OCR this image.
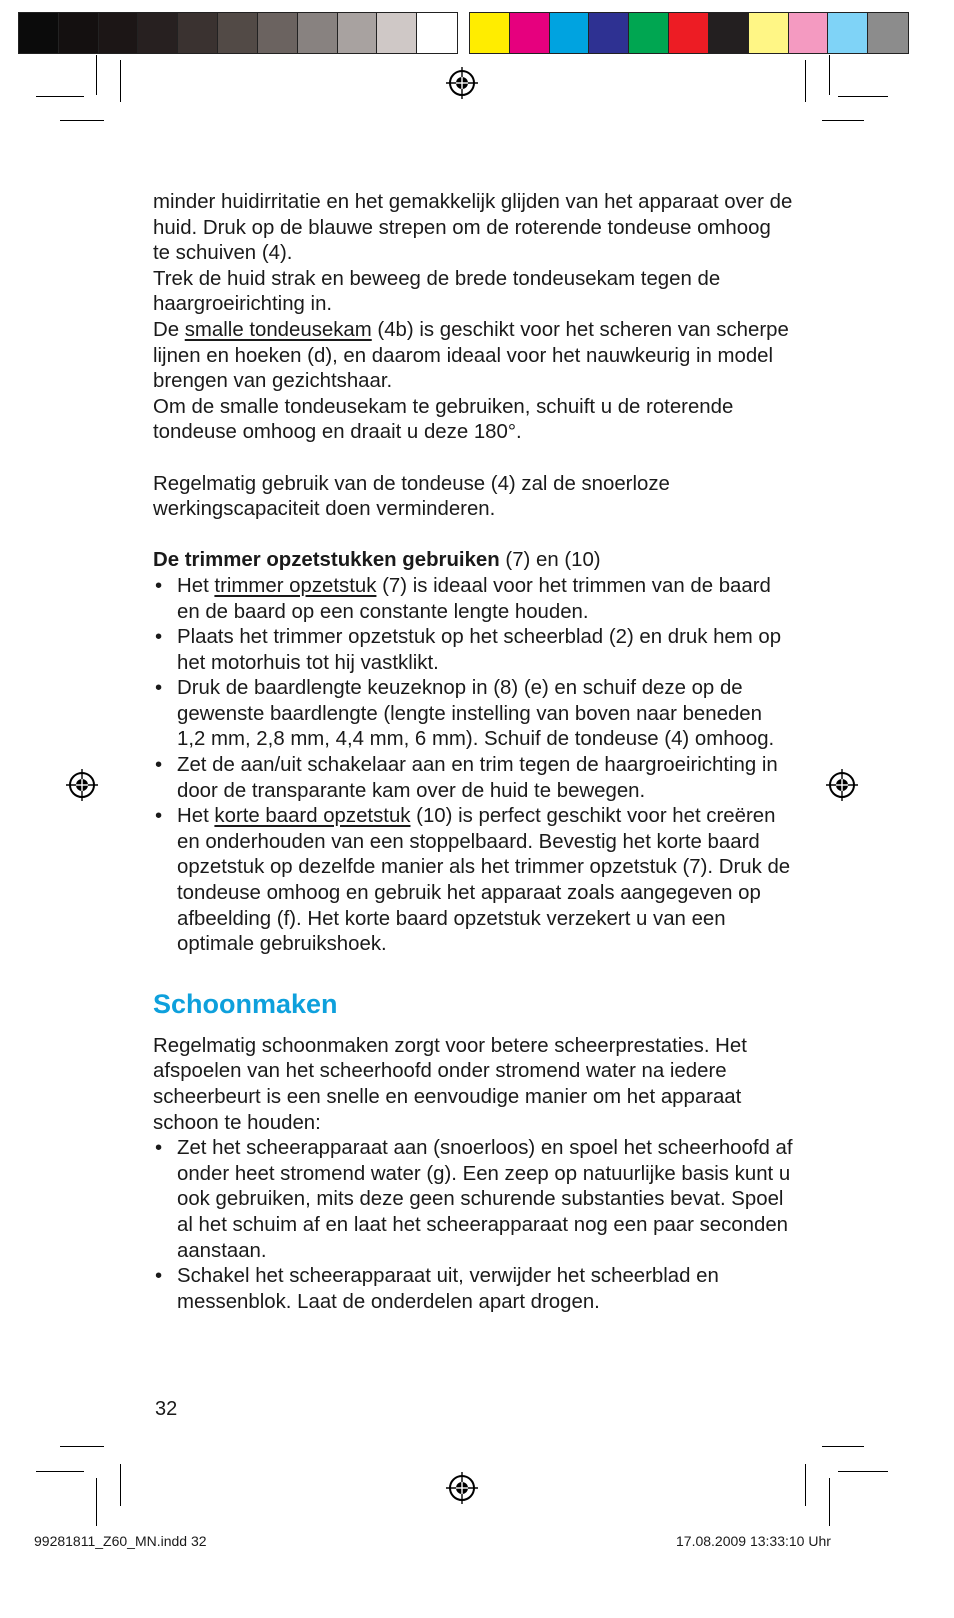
minder huidirritatie en het gemakkelijk glijden van het apparaat over de huid. Druk op de blauwe strepen om de roterende tondeuse omhoog te schuiven (4).

Trek de huid strak en beweeg de brede tondeusekam tegen de haargroeirichting in.

De smalle tondeusekam (4b) is geschikt voor het scheren van scherpe lijnen en hoeken (d), en daarom ideaal voor het nauwkeurig in model brengen van gezichtshaar.

Om de smalle tondeusekam te gebruiken, schuift u de roterende tondeuse omhoog en draait u deze 180°.

Regelmatig gebruik van de tondeuse (4) zal de snoerloze werkingscapaciteit doen verminderen.

De trimmer opzetstukken gebruiken (7) en (10)

• Het trimmer opzetstuk (7) is ideaal voor het trimmen van de baard en de baard op een constante lengte houden.
• Plaats het trimmer opzetstuk op het scheerblad (2) en druk hem op het motorhuis tot hij vastklikt.
• Druk de baardlengte keuzeknop in (8) (e) en schuif deze op de gewenste baardlengte (lengte instelling van boven naar beneden 1,2 mm, 2,8 mm, 4,4 mm, 6 mm). Schuif de tondeuse (4) omhoog.
• Zet de aan/uit schakelaar aan en trim tegen de haargroeirichting in door de transparante kam over de huid te bewegen.
• Het korte baard opzetstuk (10) is perfect geschikt voor het creëren en onderhouden van een stoppelbaard. Bevestig het korte baard opzetstuk op dezelfde manier als het trimmer opzetstuk (7). Druk de tondeuse omhoog en gebruik het apparaat zoals aangegeven op afbeelding (f). Het korte baard opzetstuk verzekert u van een optimale gebruikshoek.
Schoonmaken

Regelmatig schoonmaken zorgt voor betere scheerprestaties. Het afspoelen van het scheerhoofd onder stromend water na iedere scheerbeurt is een snelle en eenvoudige manier om het apparaat schoon te houden:

• Zet het scheerapparaat aan (snoerloos) en spoel het scheerhoofd af onder heet stromend water (g). Een zeep op natuurlijke basis kunt u ook gebruiken, mits deze geen schurende substanties bevat. Spoel al het schuim af en laat het scheerapparaat nog een paar seconden aanstaan.
• Schakel het scheerapparaat uit, verwijder het scheerblad en messenblok. Laat de onderdelen apart drogen.
32
99281811_Z60_MN.indd 32	17.08.2009 13:33:10 Uhr
